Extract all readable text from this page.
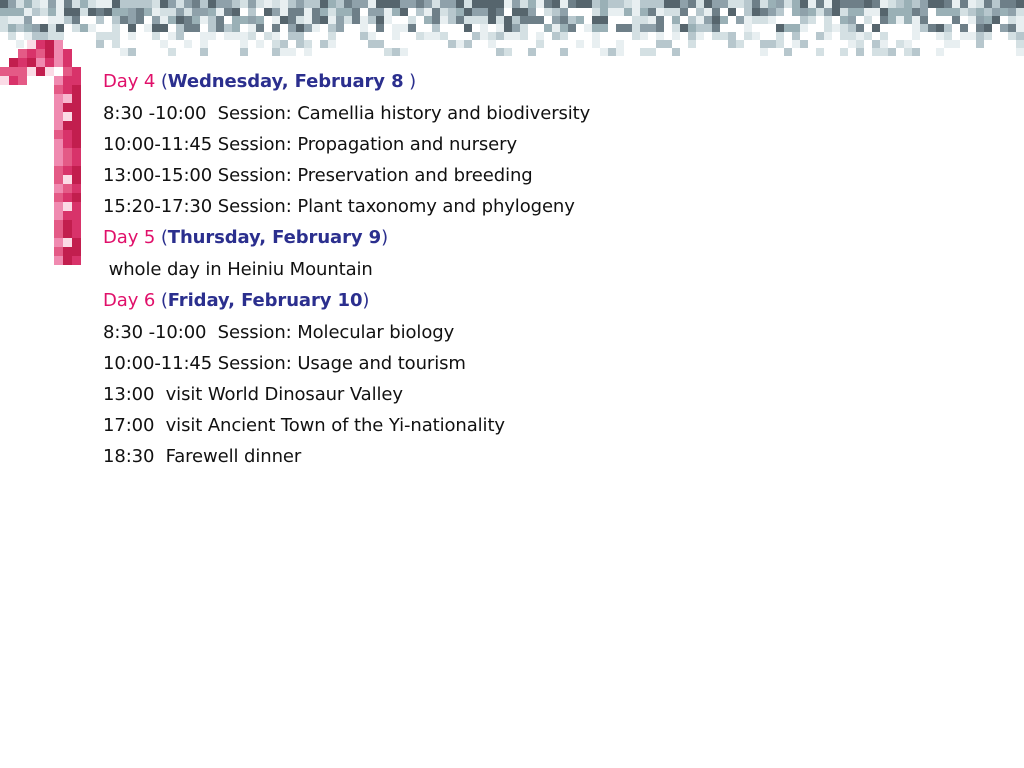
Day 4 (Wednesday, February 8 )
8:30 -10:00  Session: Camellia history and biodiversity
10:00-11:45 Session: Propagation and nursery
13:00-15:00 Session: Preservation and breeding
15:20-17:30 Session: Plant taxonomy and phylogeny
Day 5 (Thursday, February 9)
whole day in Heiniu Mountain
Day 6 (Friday, February 10)
8:30 -10:00  Session: Molecular biology
10:00-11:45 Session: Usage and tourism
13:00  visit World Dinosaur Valley
17:00  visit Ancient Town of the Yi-nationality
18:30  Farewell dinner
